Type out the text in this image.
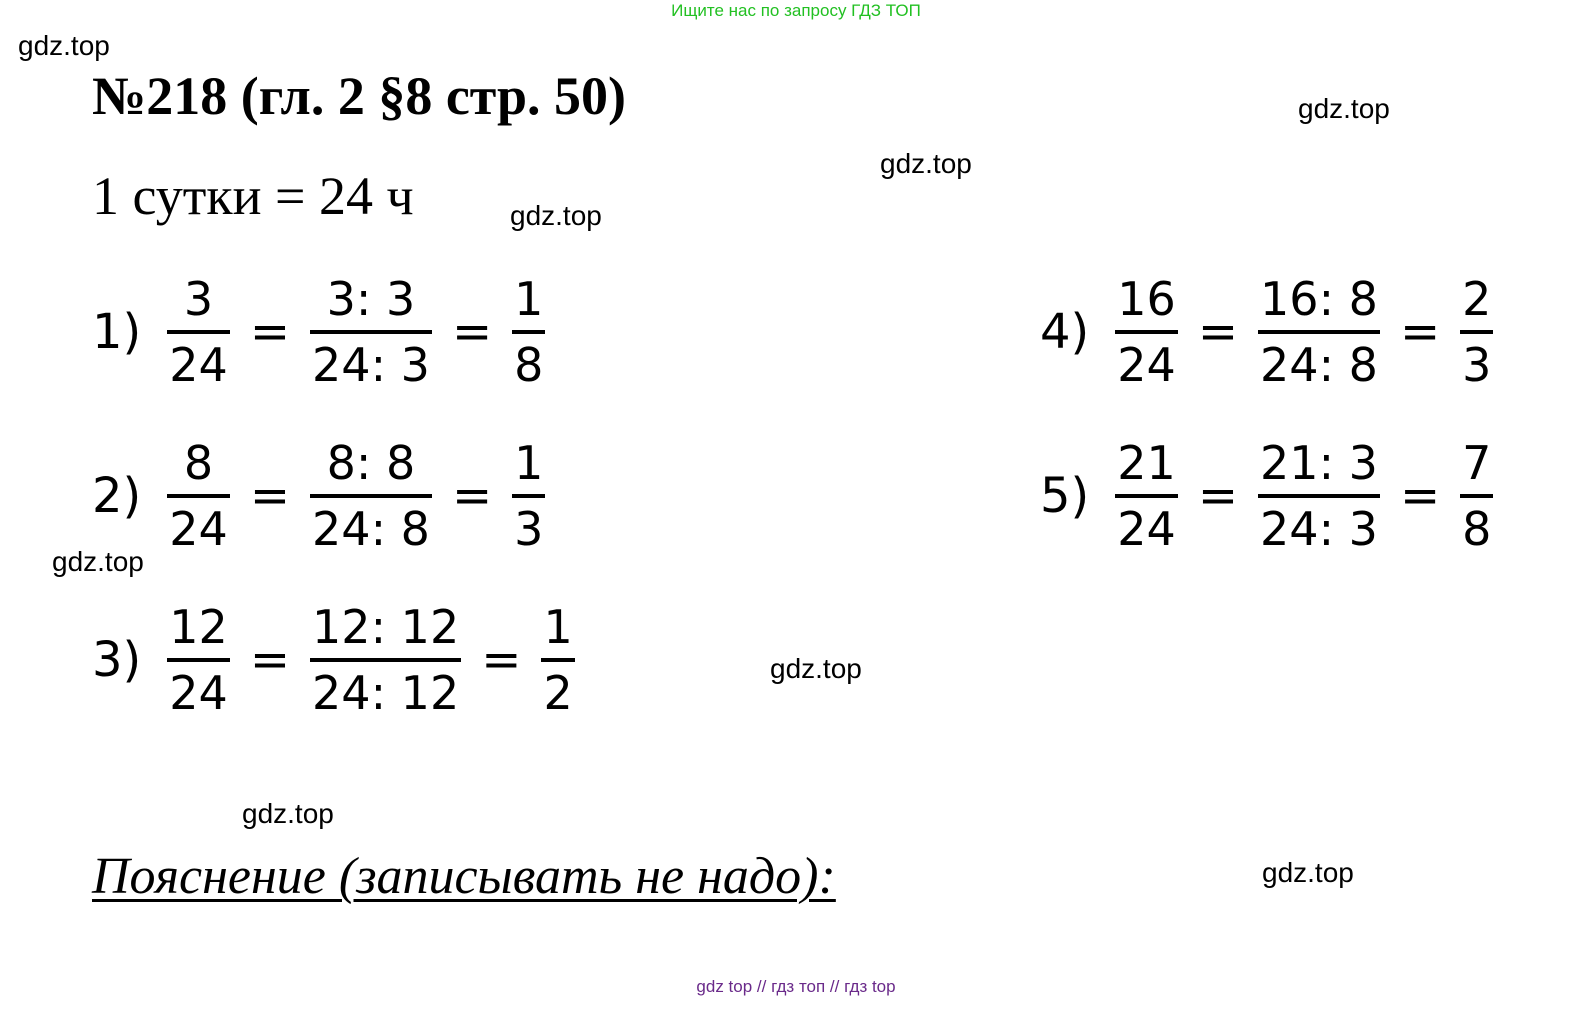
Ищите нас по запросу ГДЗ ТОП
gdz.top
gdz.top
gdz.top
gdz.top
gdz.top
gdz.top
gdz.top
gdz.top
№218 (гл. 2 §8 стр. 50)
1 сутки = 24 ч
$1) \frac{3}{24} = \frac{3: 3}{24: 3} = \frac{1}{8}$
$2) \frac{8}{24} = \frac{8: 8}{24: 8} = \frac{1}{3}$
$3) \frac{12}{24} = \frac{12: 12}{24: 12} = \frac{1}{2}$
$4) \frac{16}{24} = \frac{16: 8}{24: 8} = \frac{2}{3}$
$5) \frac{21}{24} = \frac{21: 3}{24: 3} = \frac{7}{8}$
Пояснение (записывать не надо):
gdz top // гдз топ // гдз top
